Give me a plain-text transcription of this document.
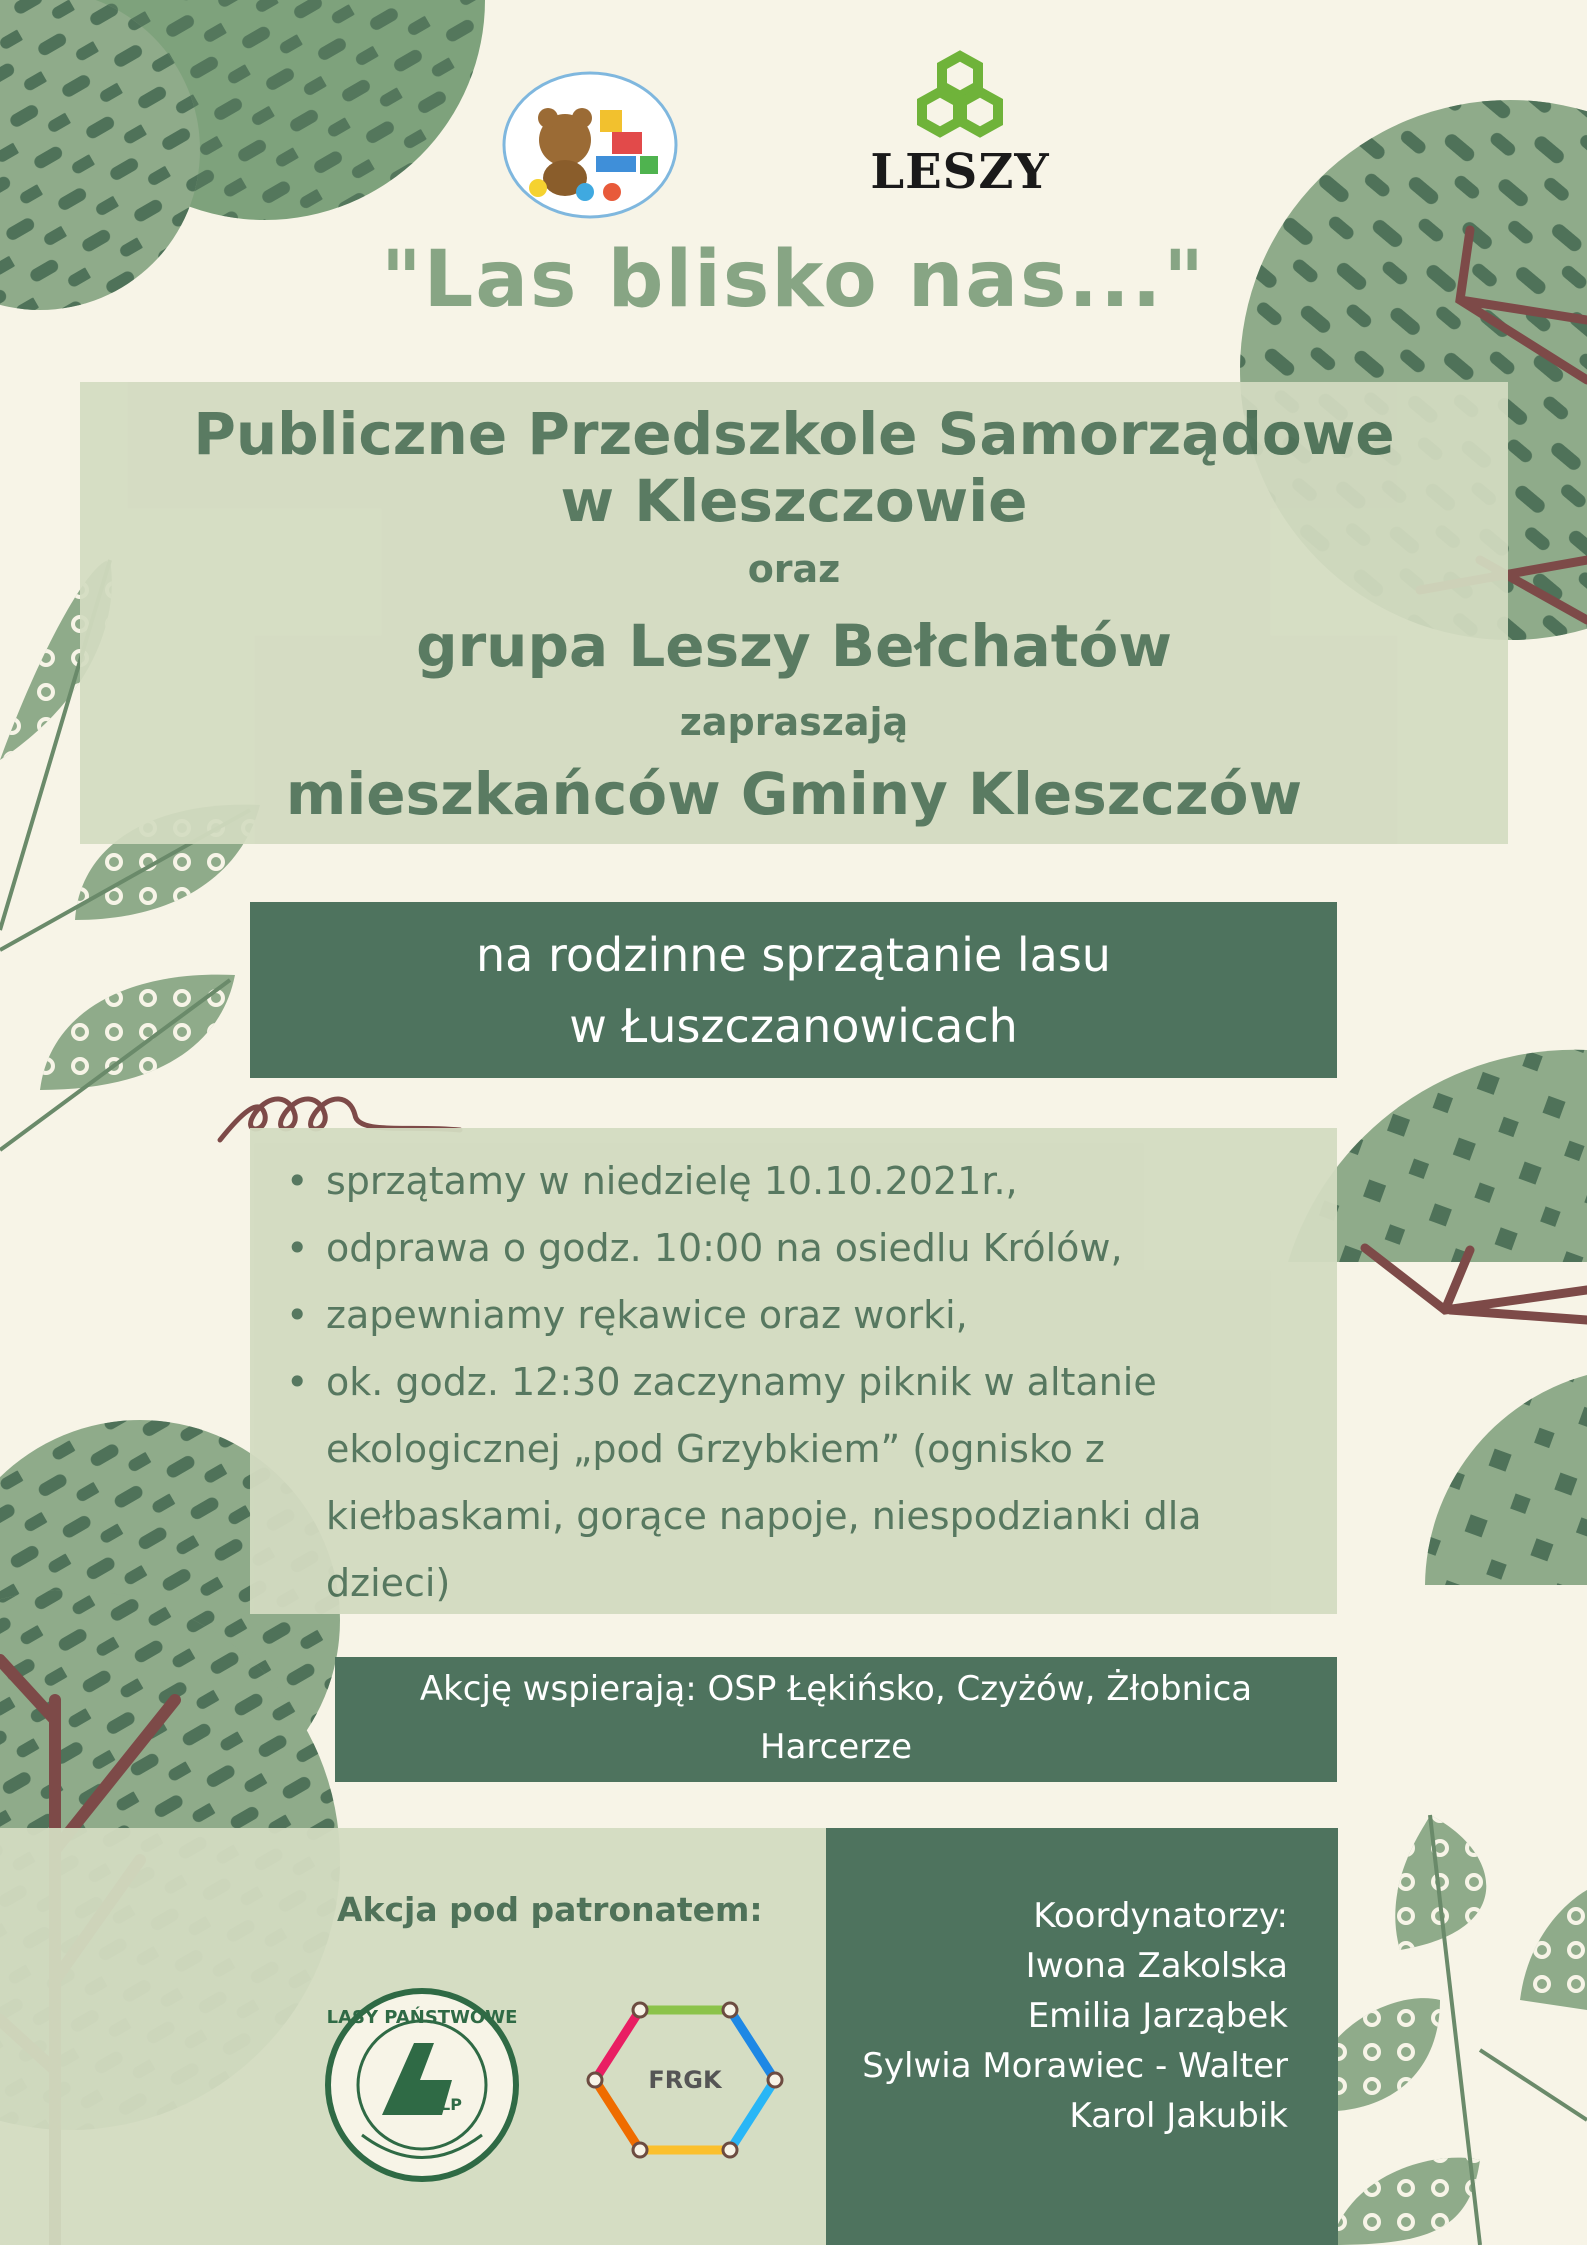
LESZY
"Las blisko nas..."
Publiczne Przedszkole Samorządowe
w Kleszczowie
oraz
grupa Leszy Bełchatów
zapraszają
mieszkańców Gminy Kleszczów
na rodzinne sprzątanie lasu
w Łuszczanowicach
• sprzątamy w niedzielę 10.10.2021r.,
• odprawa o godz. 10:00 na osiedlu Królów,
• zapewniamy rękawice oraz worki,
• ok. godz. 12:30 zaczynamy piknik w altanie ekologicznej „pod Grzybkiem” (ognisko z kiełbaskami, gorące napoje, niespodzianki dla dzieci)
Akcję wspierają: OSP Łękińsko, Czyżów, Żłobnica
Harcerze
Akcja pod patronatem:
LASY PAŃSTWOWE
LP
FRGK
Koordynatorzy:
Iwona Zakolska
Emilia Jarząbek
Sylwia Morawiec - Walter
Karol Jakubik
